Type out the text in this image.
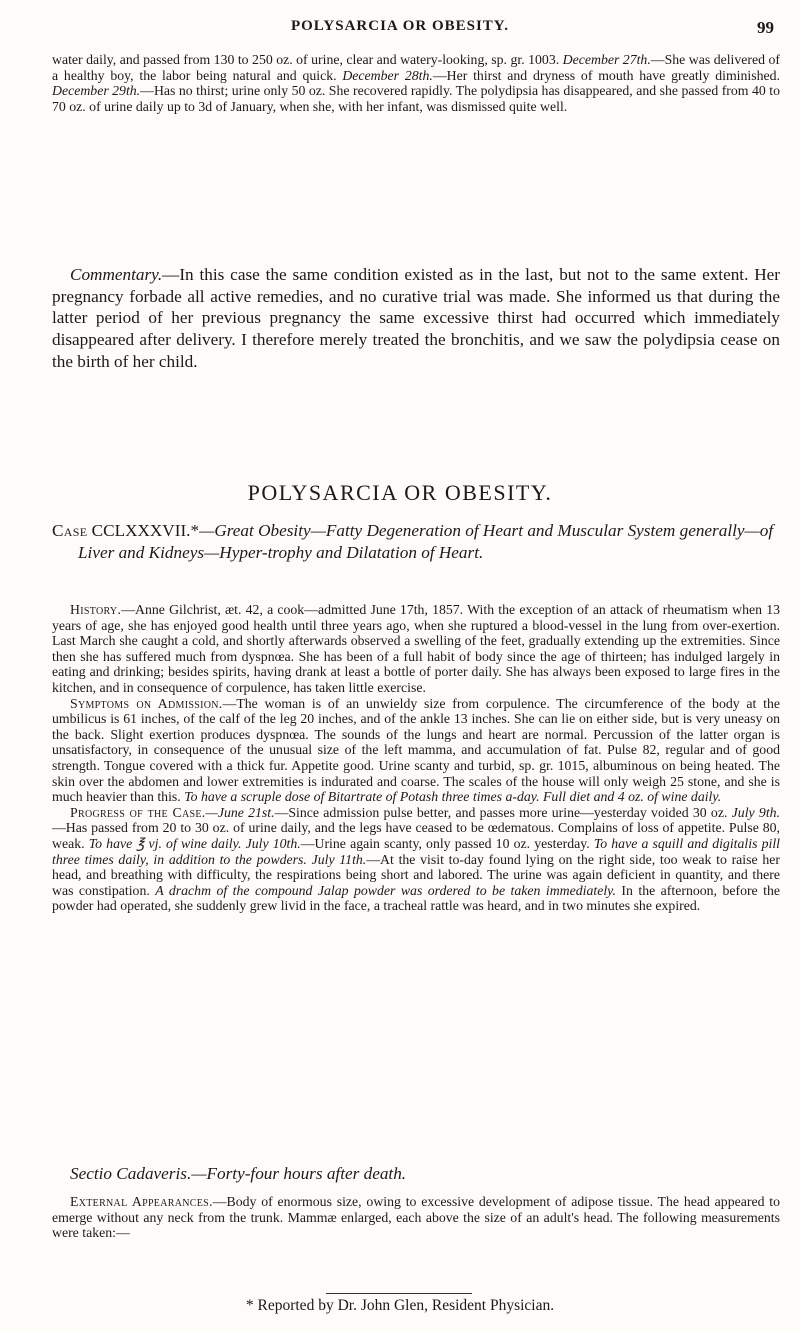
POLYSARCIA OR OBESITY.	99

water daily, and passed from 130 to 250 oz. of urine, clear and watery-looking, sp. gr. 1003. December 27th.—She was delivered of a healthy boy, the labor being natural and quick. December 28th.—Her thirst and dryness of mouth have greatly diminished. December 29th.—Has no thirst; urine only 50 oz. She recovered rapidly. The polydipsia has disappeared, and she passed from 40 to 70 oz. of urine daily up to 3d of January, when she, with her infant, was dismissed quite well.

Commentary.—In this case the same condition existed as in the last, but not to the same extent. Her pregnancy forbade all active remedies, and no curative trial was made. She informed us that during the latter period of her previous pregnancy the same excessive thirst had occurred which immediately disappeared after delivery. I therefore merely treated the bronchitis, and we saw the polydipsia cease on the birth of her child.

POLYSARCIA OR OBESITY.
Case CCLXXXVII.*—Great Obesity—Fatty Degeneration of Heart and Muscular System generally—of Liver and Kidneys—Hyper-trophy and Dilatation of Heart.

History.—Anne Gilchrist, æt. 42, a cook—admitted June 17th, 1857. With the exception of an attack of rheumatism when 13 years of age, she has enjoyed good health until three years ago, when she ruptured a blood-vessel in the lung from over-exertion. Last March she caught a cold, and shortly afterwards observed a swelling of the feet, gradually extending up the extremities. Since then she has suffered much from dyspnœa. She has been of a full habit of body since the age of thirteen; has indulged largely in eating and drinking; besides spirits, having drank at least a bottle of porter daily. She has always been exposed to large fires in the kitchen, and in consequence of corpulence, has taken little exercise.

Symptoms on Admission.—The woman is of an unwieldy size from corpulence. The circumference of the body at the umbilicus is 61 inches, of the calf of the leg 20 inches, and of the ankle 13 inches. She can lie on either side, but is very uneasy on the back. Slight exertion produces dyspnœa. The sounds of the lungs and heart are normal. Percussion of the latter organ is unsatisfactory, in consequence of the unusual size of the left mamma, and accumulation of fat. Pulse 82, regular and of good strength. Tongue covered with a thick fur. Appetite good. Urine scanty and turbid, sp. gr. 1015, albuminous on being heated. The skin over the abdomen and lower extremities is indurated and coarse. The scales of the house will only weigh 25 stone, and she is much heavier than this. To have a scruple dose of Bitartrate of Potash three times a-day. Full diet and 4 oz. of wine daily.

Progress of the Case.—June 21st.—Since admission pulse better, and passes more urine—yesterday voided 30 oz. July 9th.—Has passed from 20 to 30 oz. of urine daily, and the legs have ceased to be œdematous. Complains of loss of appetite. Pulse 80, weak. To have ℥ vj. of wine daily. July 10th.—Urine again scanty, only passed 10 oz. yesterday. To have a squill and digitalis pill three times daily, in addition to the powders. July 11th.—At the visit to-day found lying on the right side, too weak to raise her head, and breathing with difficulty, the respirations being short and labored. The urine was again deficient in quantity, and there was constipation. A drachm of the compound Jalap powder was ordered to be taken immediately. In the afternoon, before the powder had operated, she suddenly grew livid in the face, a tracheal rattle was heard, and in two minutes she expired.

Sectio Cadaveris.—Forty-four hours after death.

External Appearances.—Body of enormous size, owing to excessive development of adipose tissue. The head appeared to emerge without any neck from the trunk. Mammæ enlarged, each above the size of an adult's head. The following measurements were taken:—

* Reported by Dr. John Glen, Resident Physician.
